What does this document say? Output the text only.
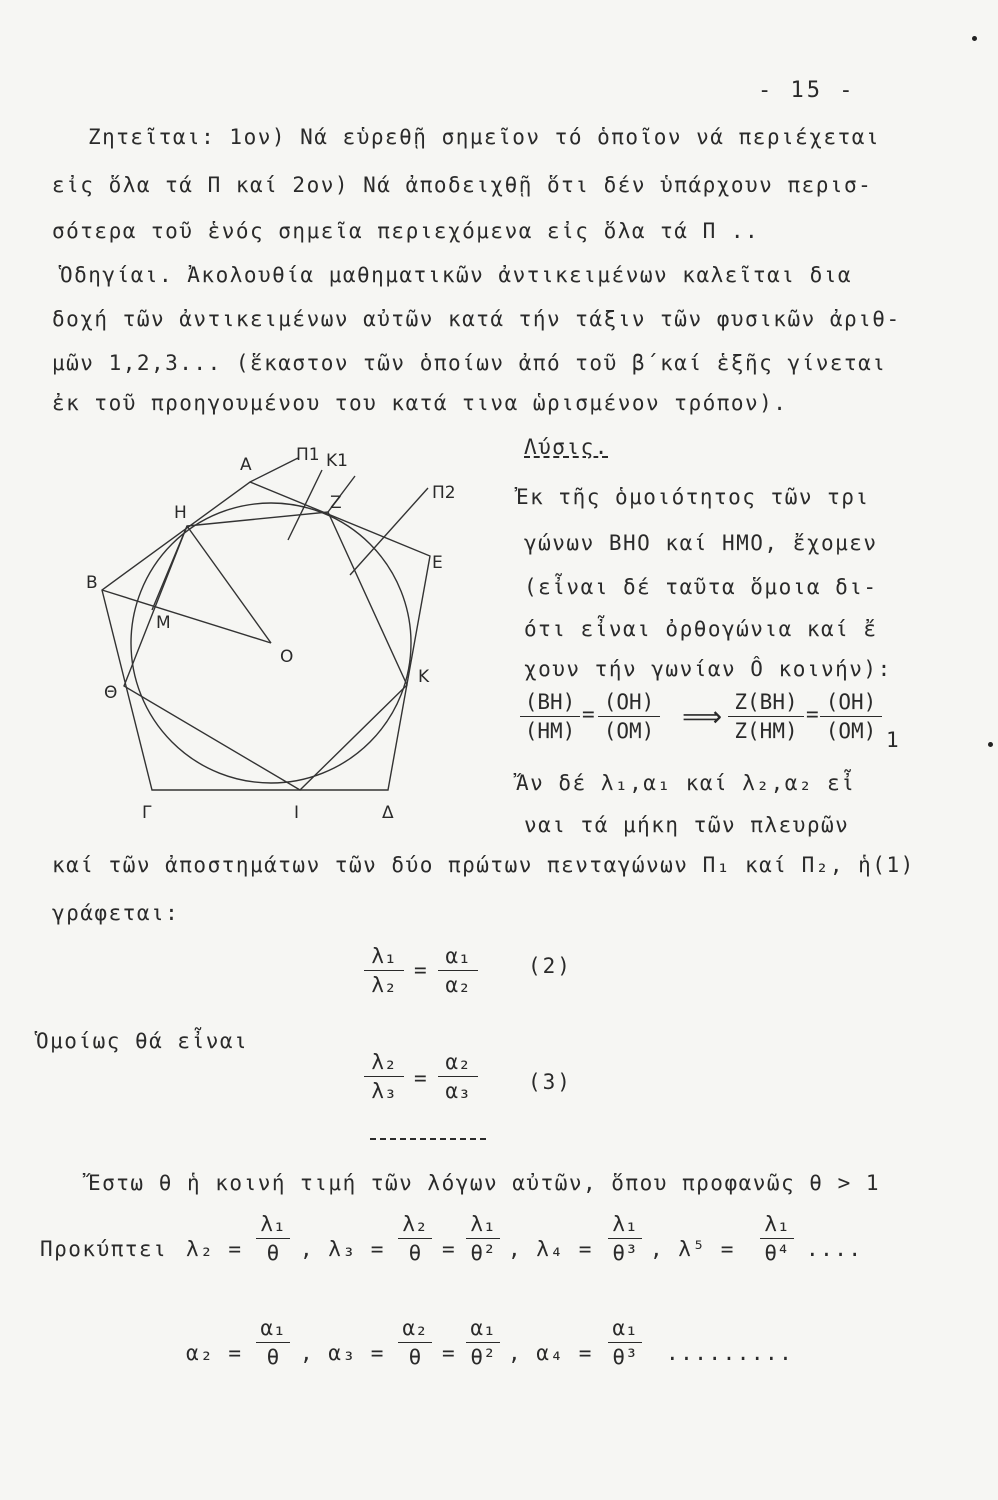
- 15 -
Ζητεῖται: 1ον) Νά εὑρεθῇ σημεῖον τό ὁποῖον νά περιέχεται
εἰς ὅλα τά Π καί 2ον) Νά ἀποδειχθῇ ὅτι δέν ὑπάρχουν περισ-
σότερα τοῦ ἑνός σημεῖα περιεχόμενα εἰς ὅλα τά Π ..
Ὁδηγίαι. Ἀκολουθία μαθηματικῶν ἀντικειμένων καλεῖται δια
δοχή τῶν ἀντικειμένων αὐτῶν κατά τήν τάξιν τῶν φυσικῶν ἀριθ-
μῶν 1,2,3... (ἕκαστον τῶν ὁποίων ἀπό τοῦ β΄καί ἑξῆς γίνεται
ἐκ τοῦ προηγουμένου του κατά τινα ὡρισμένον τρόπον).
Α	Π1 Κ1
Π2
Η	Ζ
Ε
Β
Μ
Ο
Κ
Θ
Γ	Ι	Δ
Λύσις.
Ἐκ τῆς ὁμοιότητος τῶν τρι
γώνων ΒΗΟ καί ΗΜΟ, ἔχομεν
(εἶναι δέ ταῦτα ὅμοια δι-
ότι εἶναι ὀρθογώνια καί ἔ
χουν τήν γωνίαν Ô κοινήν):
(ΒΗ)
(ΗΜ)
= (ΟΗ)
(ΟΜ) ⟹ Ζ(ΒΗ)
Ζ(ΗΜ)
= (ΟΗ)
(ΟΜ) 1
Ἄν δέ λ₁,α₁ καί λ₂,α₂ εἶ
ναι τά μήκη τῶν πλευρῶν
καί τῶν ἀποστημάτων τῶν δύο πρώτων πενταγώνων Π₁ καί Π₂, ἡ(1)
γράφεται:
λ₁
λ₂
=
α₁
α₂
(2)
Ὁμοίως θά εἶναι
λ₂
λ₃
=
α₂
α₃	(3)
Ἔστω θ ἡ κοινή τιμή τῶν λόγων αὐτῶν, ὅπου προφανῶς θ > 1
Προκύπτει λ₂ =
λ₁
θ , λ₃ =
λ₂
θ =
λ₁
θ² , λ₄ =
λ₁
θ³ , λ⁵ =
λ₁
θ⁴ ....
α₂ =
α₁
θ , α₃ =
α₂
θ =
α₁
θ² , α₄ =
α₁
θ³ .........
